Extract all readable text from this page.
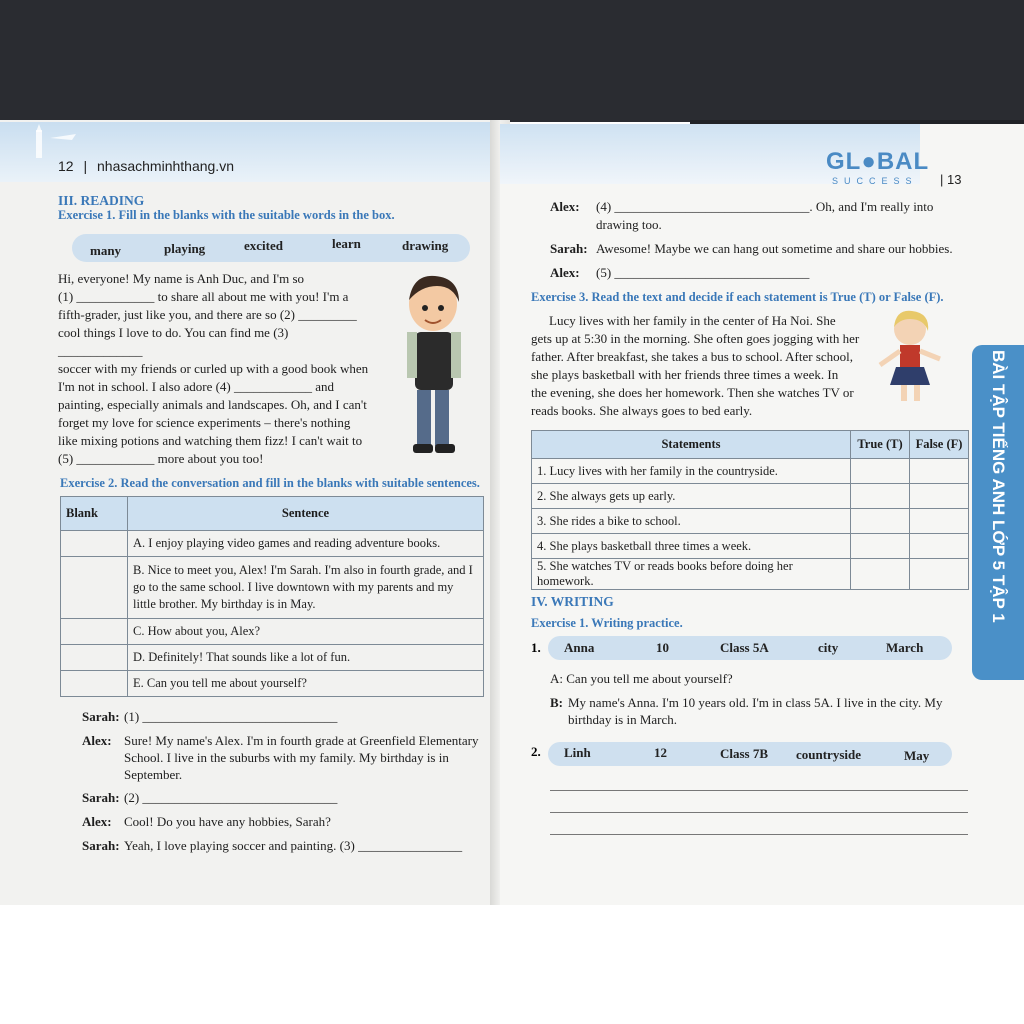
12 | nhasachminhthang.vn
III. READING
Exercise 1. Fill in the blanks with the suitable words in the box.
many	playing	excited	learn	drawing
Hi, everyone! My name is Anh Duc, and I'm so
(1) ____________ to share all about me with you! I'm a
fifth-grader, just like you, and there are so (2) _________
cool things I love to do. You can find me (3) _____________
soccer with my friends or curled up with a good book when
I'm not in school. I also adore (4) ____________ and
painting, especially animals and landscapes. Oh, and I can't
forget my love for science experiments – there's nothing
like mixing potions and watching them fizz! I can't wait to
(5) ____________ more about you too!
Exercise 2. Read the conversation and fill in the blanks with suitable sentences.
Blank	Sentence
	A. I enjoy playing video games and reading adventure books.
	B. Nice to meet you, Alex! I'm Sarah. I'm also in fourth grade, and I go to the same school. I live downtown with my parents and my little brother. My birthday is in May.
	C. How about you, Alex?
	D. Definitely! That sounds like a lot of fun.
	E. Can you tell me about yourself?
Sarah: (1) ______________________________
Alex: Sure! My name's Alex. I'm in fourth grade at Greenfield Elementary School. I live in the suburbs with my family. My birthday is in September.
Sarah: (2) ______________________________
Alex: Cool! Do you have any hobbies, Sarah?
Sarah: Yeah, I love playing soccer and painting. (3) ________________
GL●BAL
SUCCESS | 13
Alex:	(4) ______________________________. Oh, and I'm really into drawing too.
Sarah: Awesome! Maybe we can hang out sometime and share our hobbies.
Alex:	(5) ______________________________
Exercise 3. Read the text and decide if each statement is True (T) or False (F).
Lucy lives with her family in the center of Ha Noi. She
gets up at 5:30 in the morning. She often goes jogging with her
father. After breakfast, she takes a bus to school. After school,
she plays basketball with her friends three times a week. In
the evening, she does her homework. Then she watches TV or
reads books. She always goes to bed early.
Statements	True (T)	False (F)
1. Lucy lives with her family in the countryside.		
2. She always gets up early.		
3. She rides a bike to school.		
4. She plays basketball three times a week.		
5. She watches TV or reads books before doing her homework.		
IV. WRITING
Exercise 1. Writing practice.
1. Anna	10	Class 5A	city	March
A: Can you tell me about yourself?
B: My name's Anna. I'm 10 years old. I'm in class 5A. I live in the city. My birthday is in March.
2. Linh	12	Class 7B countryside	May
BÀI TẬP TIẾNG ANH LỚP 5 TẬP 1
